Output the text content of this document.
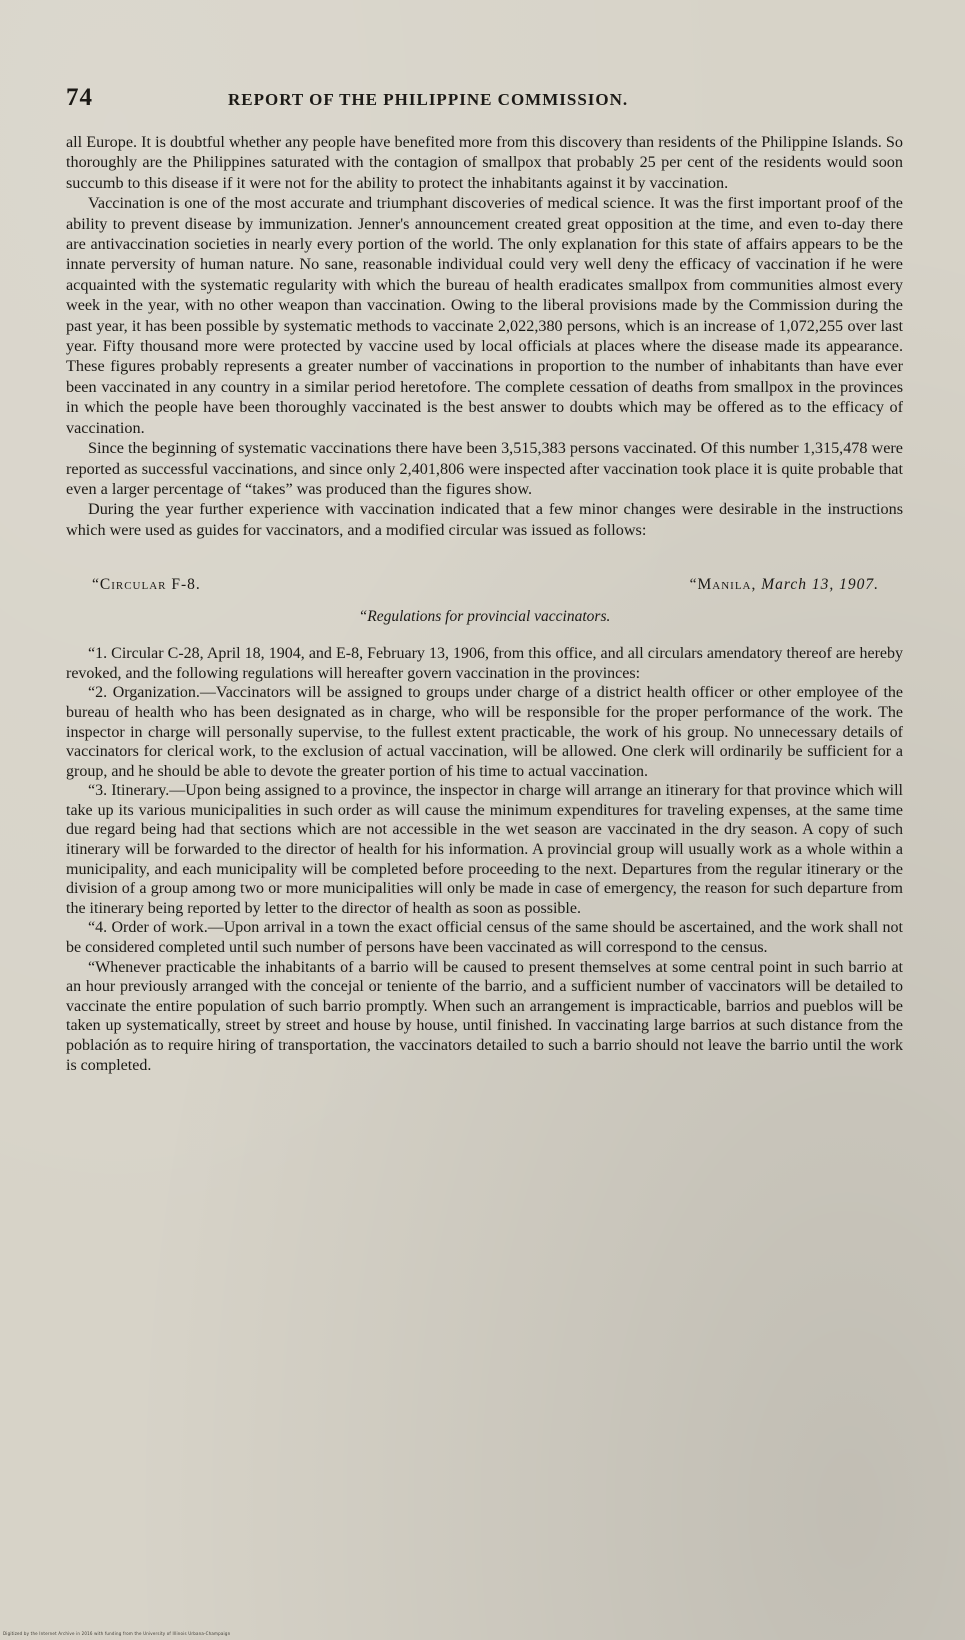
74	REPORT OF THE PHILIPPINE COMMISSION.

all Europe. It is doubtful whether any people have benefited more from this discovery than residents of the Philippine Islands. So thoroughly are the Philippines saturated with the contagion of smallpox that probably 25 per cent of the residents would soon succumb to this disease if it were not for the ability to protect the inhabitants against it by vaccination.

Vaccination is one of the most accurate and triumphant discoveries of medical science. It was the first important proof of the ability to prevent disease by immunization. Jenner's announcement created great opposition at the time, and even to-day there are antivaccination societies in nearly every portion of the world. The only explanation for this state of affairs appears to be the innate perversity of human nature. No sane, reasonable individual could very well deny the efficacy of vaccination if he were acquainted with the systematic regularity with which the bureau of health eradicates smallpox from communities almost every week in the year, with no other weapon than vaccination. Owing to the liberal provisions made by the Commission during the past year, it has been possible by systematic methods to vaccinate 2,022,380 persons, which is an increase of 1,072,255 over last year. Fifty thousand more were protected by vaccine used by local officials at places where the disease made its appearance. These figures probably represents a greater number of vaccinations in proportion to the number of inhabitants than have ever been vaccinated in any country in a similar period heretofore. The complete cessation of deaths from smallpox in the provinces in which the people have been thoroughly vaccinated is the best answer to doubts which may be offered as to the efficacy of vaccination.

Since the beginning of systematic vaccinations there have been 3,515,383 persons vaccinated. Of this number 1,315,478 were reported as successful vaccinations, and since only 2,401,806 were inspected after vaccination took place it is quite probable that even a larger percentage of “takes” was produced than the figures show.

During the year further experience with vaccination indicated that a few minor changes were desirable in the instructions which were used as guides for vaccinators, and a modified circular was issued as follows:

“Circular F-8.	“Manila, March 13, 1907.
“Regulations for provincial vaccinators.

“1. Circular C-28, April 18, 1904, and E-8, February 13, 1906, from this office, and all circulars amendatory thereof are hereby revoked, and the following regulations will hereafter govern vaccination in the provinces:

“2. Organization.—Vaccinators will be assigned to groups under charge of a district health officer or other employee of the bureau of health who has been designated as in charge, who will be responsible for the proper performance of the work. The inspector in charge will personally supervise, to the fullest extent practicable, the work of his group. No unnecessary details of vaccinators for clerical work, to the exclusion of actual vaccination, will be allowed. One clerk will ordinarily be sufficient for a group, and he should be able to devote the greater portion of his time to actual vaccination.

“3. Itinerary.—Upon being assigned to a province, the inspector in charge will arrange an itinerary for that province which will take up its various municipalities in such order as will cause the minimum expenditures for traveling expenses, at the same time due regard being had that sections which are not accessible in the wet season are vaccinated in the dry season. A copy of such itinerary will be forwarded to the director of health for his information. A provincial group will usually work as a whole within a municipality, and each municipality will be completed before proceeding to the next. Departures from the regular itinerary or the division of a group among two or more municipalities will only be made in case of emergency, the reason for such departure from the itinerary being reported by letter to the director of health as soon as possible.

“4. Order of work.—Upon arrival in a town the exact official census of the same should be ascertained, and the work shall not be considered completed until such number of persons have been vaccinated as will correspond to the census.

“Whenever practicable the inhabitants of a barrio will be caused to present themselves at some central point in such barrio at an hour previously arranged with the concejal or teniente of the barrio, and a sufficient number of vaccinators will be detailed to vaccinate the entire population of such barrio promptly. When such an arrangement is impracticable, barrios and pueblos will be taken up systematically, street by street and house by house, until finished. In vaccinating large barrios at such distance from the población as to require hiring of transportation, the vaccinators detailed to such a barrio should not leave the barrio until the work is completed.

Digitized by the Internet Archive in 2016 with funding from the University of Illinois Urbana-Champaign
